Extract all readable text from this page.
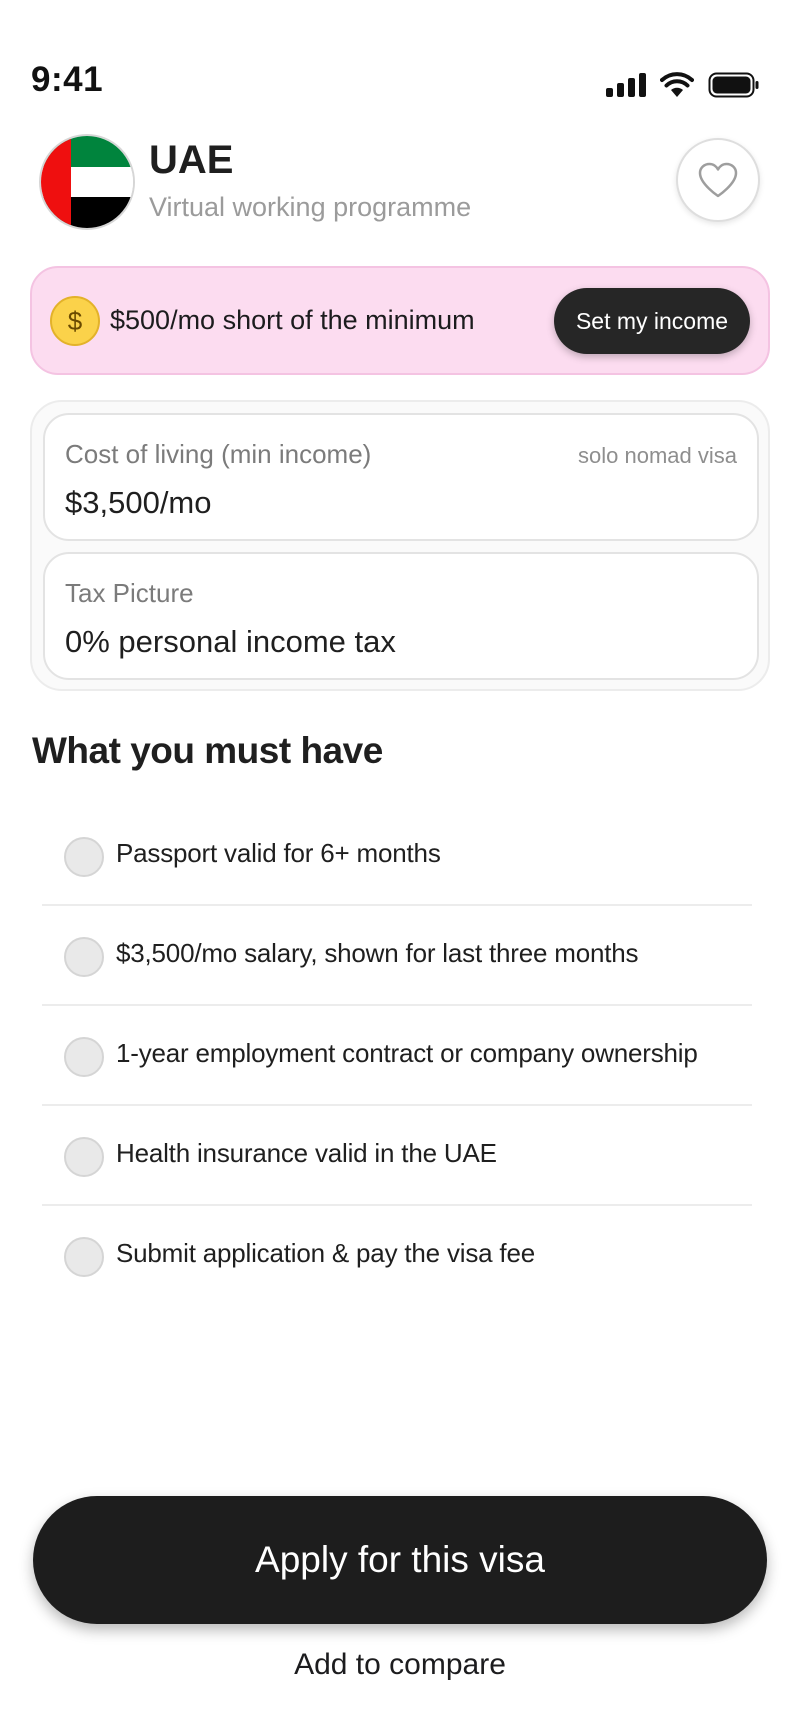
9:41
UAE
Virtual working programme
$	$500/mo short of the minimum	Set my income
Cost of living (min income)	solo nomad visa
$3,500/mo
Tax Picture
0% personal income tax
What you must have
Passport valid for 6+ months
$3,500/mo salary, shown for last three months
1-year employment contract or company ownership
Health insurance valid in the UAE
Submit application & pay the visa fee
Apply for this visa
Add to compare
